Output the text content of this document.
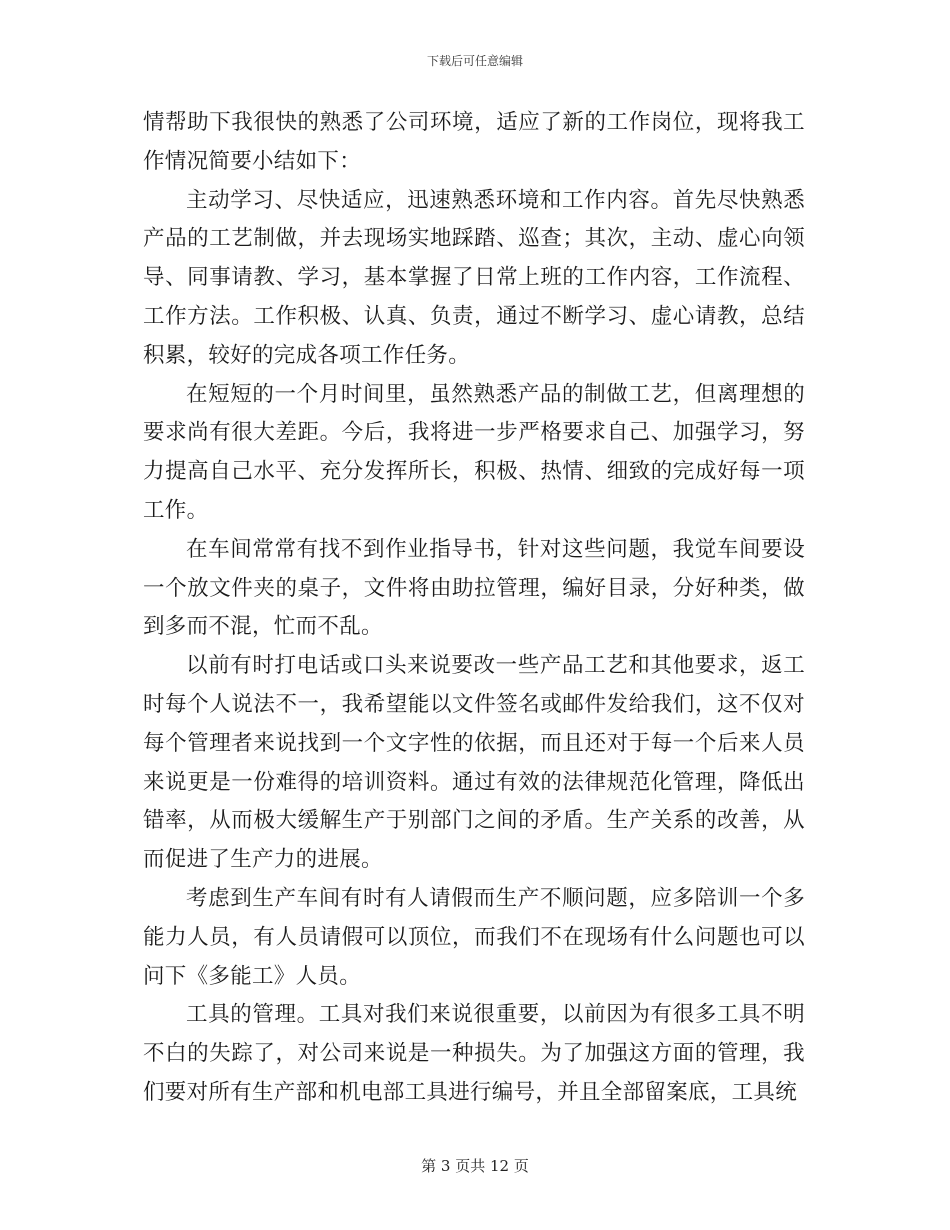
下载后可任意编辑

情帮助下我很快的熟悉了公司环境，适应了新的工作岗位，现将我工作情况简要小结如下：

主动学习、尽快适应，迅速熟悉环境和工作内容。首先尽快熟悉产品的工艺制做，并去现场实地踩踏、巡查；其次，主动、虚心向领导、同事请教、学习，基本掌握了日常上班的工作内容，工作流程、工作方法。工作积极、认真、负责，通过不断学习、虚心请教，总结积累，较好的完成各项工作任务。

在短短的一个月时间里，虽然熟悉产品的制做工艺，但离理想的要求尚有很大差距。今后，我将进一步严格要求自己、加强学习，努力提高自己水平、充分发挥所长，积极、热情、细致的完成好每一项工作。

在车间常常有找不到作业指导书，针对这些问题，我觉车间要设一个放文件夹的桌子，文件将由助拉管理，编好目录，分好种类，做到多而不混，忙而不乱。

以前有时打电话或口头来说要改一些产品工艺和其他要求，返工时每个人说法不一，我希望能以文件签名或邮件发给我们，这不仅对每个管理者来说找到一个文字性的依据，而且还对于每一个后来人员来说更是一份难得的培训资料。通过有效的法律规范化管理，降低出错率，从而极大缓解生产于别部门之间的矛盾。生产关系的改善，从而促进了生产力的进展。

考虑到生产车间有时有人请假而生产不顺问题，应多陪训一个多能力人员，有人员请假可以顶位，而我们不在现场有什么问题也可以问下《多能工》人员。

工具的管理。工具对我们来说很重要，以前因为有很多工具不明不白的失踪了，对公司来说是一种损失。为了加强这方面的管理，我们要对所有生产部和机电部工具进行编号，并且全部留案底，工具统

第 3 页共 12 页
